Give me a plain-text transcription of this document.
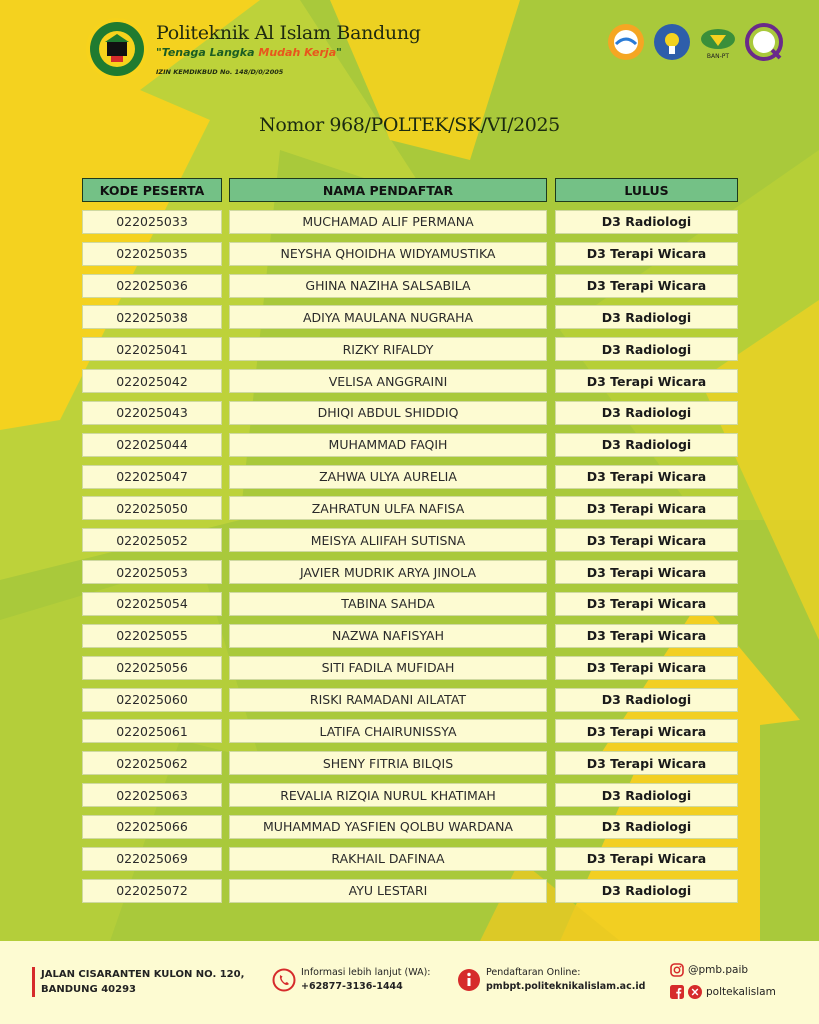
Politeknik Al Islam Bandung
"Tenaga Langka Mudah Kerja"
IZIN KEMDIKBUD No. 148/D/0/2005
BAN-PT
Nomor 968/POLTEK/SK/VI/2025
KODE PESERTA	NAMA PENDAFTAR	LULUS
022025033	MUCHAMAD ALIF PERMANA	D3 Radiologi
022025035	NEYSHA QHOIDHA WIDYAMUSTIKA	D3 Terapi Wicara
022025036	GHINA NAZIHA SALSABILA	D3 Terapi Wicara
022025038	ADIYA MAULANA NUGRAHA	D3 Radiologi
022025041	RIZKY RIFALDY	D3 Radiologi
022025042	VELISA ANGGRAINI	D3 Terapi Wicara
022025043	DHIQI ABDUL SHIDDIQ	D3 Radiologi
022025044	MUHAMMAD FAQIH	D3 Radiologi
022025047	ZAHWA ULYA AURELIA	D3 Terapi Wicara
022025050	ZAHRATUN ULFA NAFISA	D3 Terapi Wicara
022025052	MEISYA ALIIFAH SUTISNA	D3 Terapi Wicara
022025053	JAVIER MUDRIK ARYA JINOLA	D3 Terapi Wicara
022025054	TABINA SAHDA	D3 Terapi Wicara
022025055	NAZWA NAFISYAH	D3 Terapi Wicara
022025056	SITI FADILA MUFIDAH	D3 Terapi Wicara
022025060	RISKI RAMADANI AILATAT	D3 Radiologi
022025061	LATIFA CHAIRUNISSYA	D3 Terapi Wicara
022025062	SHENY FITRIA BILQIS	D3 Terapi Wicara
022025063	REVALIA RIZQIA NURUL KHATIMAH	D3 Radiologi
022025066	MUHAMMAD YASFIEN QOLBU WARDANA	D3 Radiologi
022025069	RAKHAIL DAFINAA	D3 Terapi Wicara
022025072	AYU LESTARI	D3 Radiologi
JALAN CISARANTEN KULON NO. 120,
BANDUNG 40293
Informasi lebih lanjut (WA):
+62877-3136-1444
Pendaftaran Online:
pmbpt.politeknikalislam.ac.id
@pmb.paib
poltekalislam
